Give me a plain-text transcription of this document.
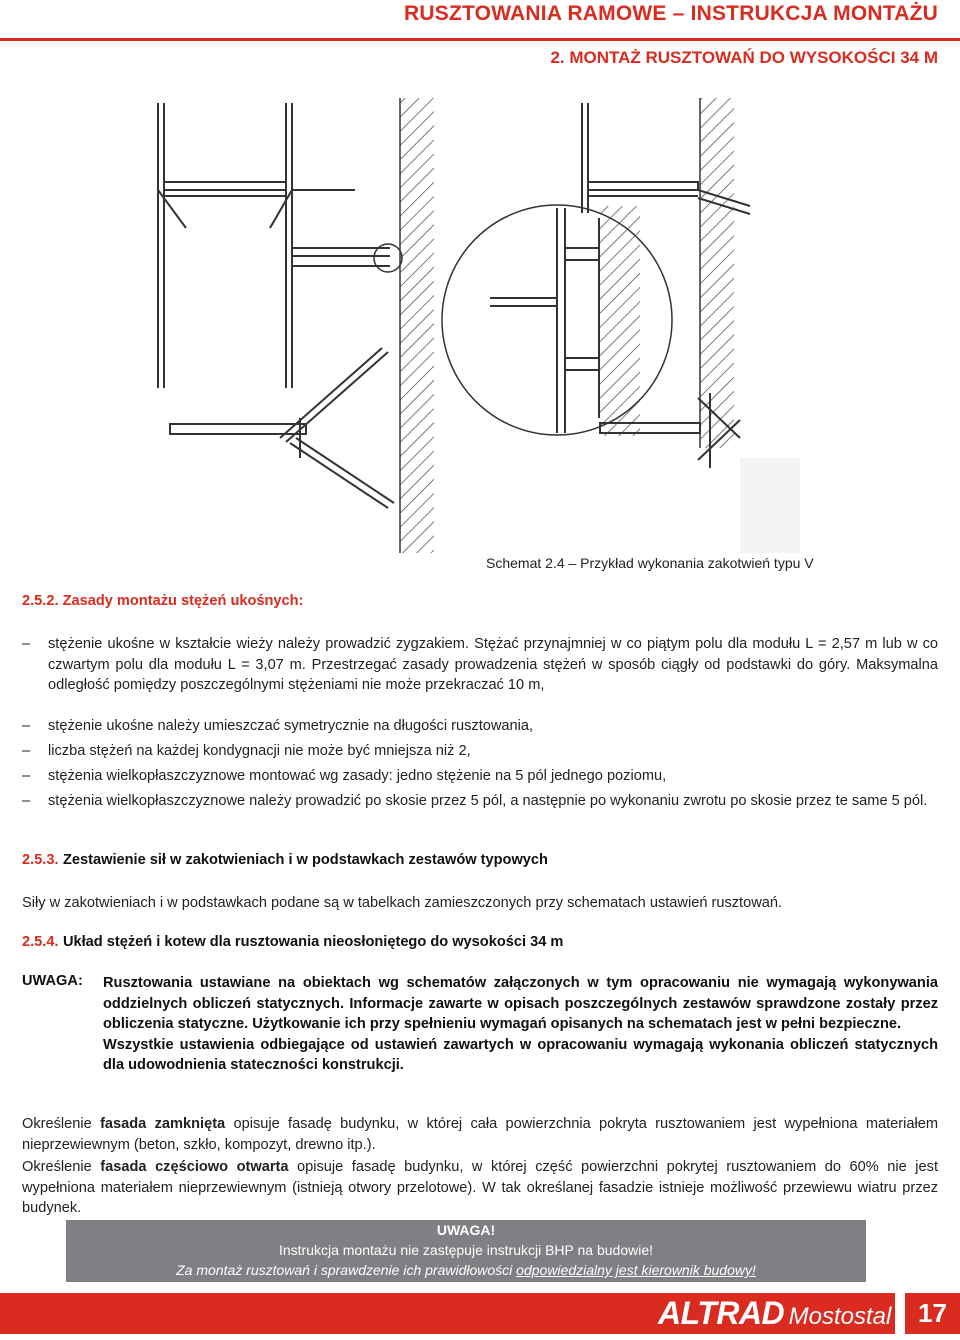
RUSZTOWANIA RAMOWE – INSTRUKCJA MONTAŻU
2. MONTAŻ RUSZTOWAŃ DO WYSOKOŚCI 34 M
Schemat 2.4 – Przykład wykonania zakotwień typu V
2.5.2. Zasady montażu stężeń ukośnych:
–	stężenie ukośne w kształcie wieży należy prowadzić zygzakiem. Stężać przynajmniej w co piątym polu dla modułu L = 2,57 m lub w co czwartym polu dla modułu L = 3,07 m. Przestrzegać zasady prowadzenia stężeń w sposób ciągły od podstawki do góry. Maksymalna odległość pomiędzy poszczególnymi stężeniami nie może przekraczać 10 m,
–	stężenie ukośne należy umieszczać symetrycznie na długości rusztowania,
–	liczba stężeń na każdej kondygnacji nie może być mniejsza niż 2,
–	stężenia wielkopłaszczyznowe montować wg zasady: jedno stężenie na 5 pól jednego poziomu,
–	stężenia wielkopłaszczyznowe należy prowadzić po skosie przez 5 pól, a następnie po wykonaniu zwrotu po skosie przez te same 5 pól.
2.5.3. Zestawienie sił w zakotwieniach i w podstawkach zestawów typowych
Siły w zakotwieniach i w podstawkach podane są w tabelkach zamieszczonych przy schematach ustawień rusztowań.
2.5.4. Układ stężeń i kotew dla rusztowania nieosłoniętego do wysokości 34 m
UWAGA: Rusztowania ustawiane na obiektach wg schematów załączonych w tym opracowaniu nie wymagają wykonywania oddzielnych obliczeń statycznych. Informacje zawarte w opisach poszczególnych zestawów sprawdzone zostały przez obliczenia statyczne. Użytkowanie ich przy spełnieniu wymagań opisanych na schematach jest w pełni bezpieczne.
Wszystkie ustawienia odbiegające od ustawień zawartych w opracowaniu wymagają wykonania obliczeń statycznych dla udowodnienia stateczności konstrukcji.
Określenie fasada zamknięta opisuje fasadę budynku, w której cała powierzchnia pokryta rusztowaniem jest wypełniona materiałem nieprzewiewnym (beton, szkło, kompozyt, drewno itp.).
Określenie fasada częściowo otwarta opisuje fasadę budynku, w której część powierzchni pokrytej rusztowaniem do 60% nie jest wypełniona materiałem nieprzewiewnym (istnieją otwory przelotowe). W tak określanej fasadzie istnieje możliwość przewiewu wiatru przez budynek.
UWAGA!
Instrukcja montażu nie zastępuje instrukcji BHP na budowie!
Za montaż rusztowań i sprawdzenie ich prawidłowości odpowiedzialny jest kierownik budowy!
ALTRAD Mostostal	17
